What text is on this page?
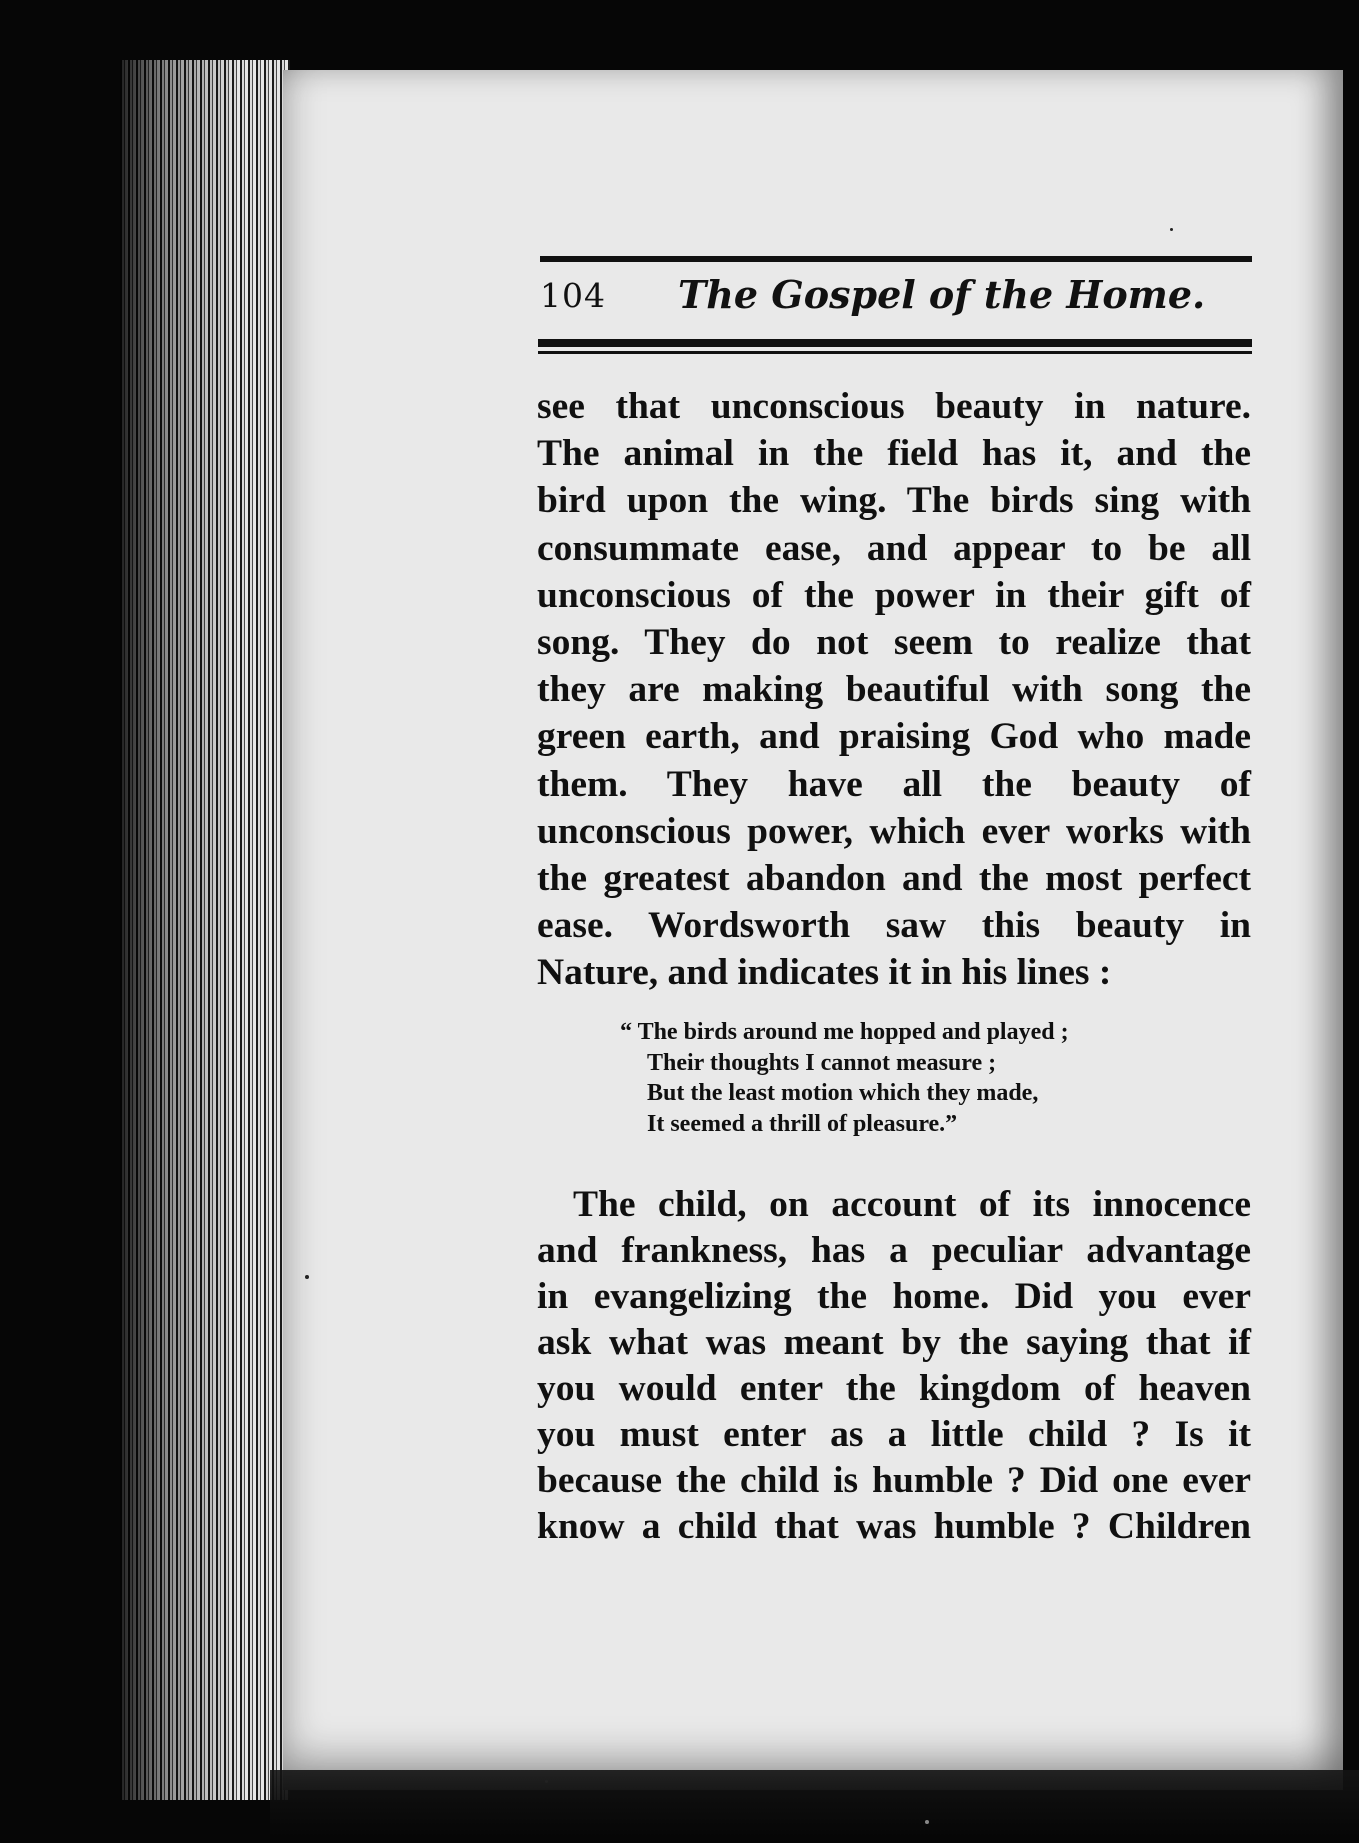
104 The Gospel of the Home.
see that unconscious beauty in nature.
The animal in the field has it, and the
bird upon the wing. The birds sing with
consummate ease, and appear to be all
unconscious of the power in their gift of
song. They do not seem to realize that
they are making beautiful with song the
green earth, and praising God who made
them. They have all the beauty of
unconscious power, which ever works with
the greatest abandon and the most perfect
ease. Wordsworth saw this beauty in
Nature, and indicates it in his lines :
“ The birds around me hopped and played ;
Their thoughts I cannot measure ;
But the least motion which they made,
It seemed a thrill of pleasure.”
The child, on account of its innocence
and frankness, has a peculiar advantage
in evangelizing the home. Did you ever
ask what was meant by the saying that if
you would enter the kingdom of heaven
you must enter as a little child ? Is it
because the child is humble ? Did one ever
know a child that was humble ? Children
